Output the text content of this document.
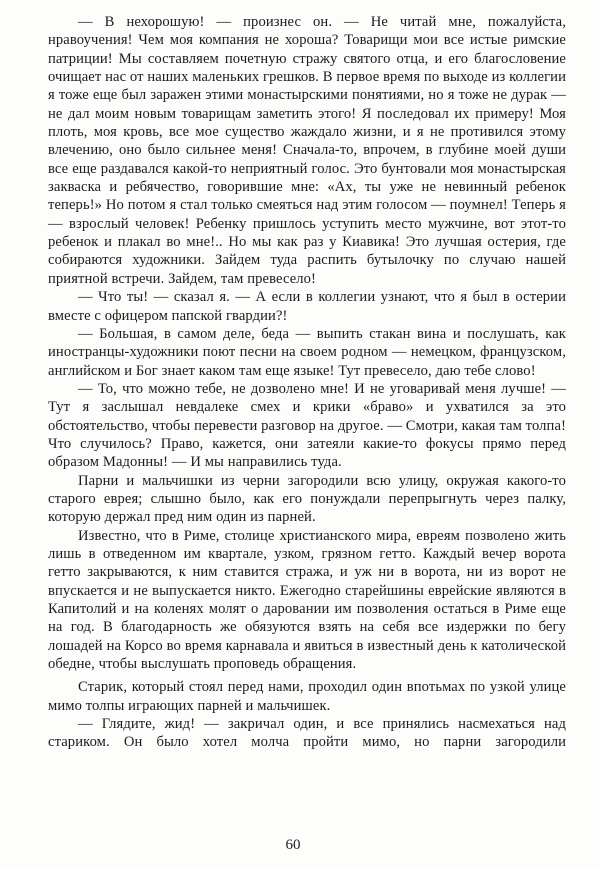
— В нехорошую! — произнес он. — Не читай мне, пожалуйста, нравоучения! Чем моя компания не хороша? Товарищи мои все истые римские патриции! Мы составляем почетную стражу святого отца, и его благословение очищает нас от наших маленьких грешков. В первое время по выходе из коллегии я тоже еще был заражен этими монастырскими понятиями, но я тоже не дурак — не дал моим новым товарищам заметить этого! Я последовал их примеру! Моя плоть, моя кровь, все мое существо жаждало жизни, и я не противился этому влечению, оно было сильнее меня! Сначала-то, впрочем, в глубине моей души все еще раздавался какой-то неприятный голос. Это бунтовали моя монастырская закваска и ребячество, говорившие мне: «Ах, ты уже не невинный ребенок теперь!» Но потом я стал только смеяться над этим голосом — поумнел! Теперь я — взрослый человек! Ребенку пришлось уступить место мужчине, вот этот-то ребенок и плакал во мне!.. Но мы как раз у Киавика! Это лучшая остерия, где собираются художники. Зайдем туда распить бутылочку по случаю нашей приятной встречи. Зайдем, там превесело!

— Что ты! — сказал я. — А если в коллегии узнают, что я был в остерии вместе с офицером папской гвардии?!

— Большая, в самом деле, беда — выпить стакан вина и послушать, как иностранцы-художники поют песни на своем родном — немецком, французском, английском и Бог знает каком там еще языке! Тут превесело, даю тебе слово!

— То, что можно тебе, не дозволено мне! И не уговаривай меня лучше! — Тут я заслышал невдалеке смех и крики «браво» и ухватился за это обстоятельство, чтобы перевести разговор на другое. — Смотри, какая там толпа! Что случилось? Право, кажется, они затеяли какие-то фокусы прямо перед образом Мадонны! — И мы направились туда.

Парни и мальчишки из черни загородили всю улицу, окружая какого-то старого еврея; слышно было, как его понуждали перепрыгнуть через палку, которую держал пред ним один из парней.

Известно, что в Риме, столице христианского мира, евреям позволено жить лишь в отведенном им квартале, узком, грязном гетто. Каждый вечер ворота гетто закрываются, к ним ставится стража, и уж ни в ворота, ни из ворот не впускается и не выпускается никто. Ежегодно старейшины еврейские являются в Капитолий и на коленях молят о даровании им позволения остаться в Риме еще на год. В благодарность же обязуются взять на себя все издержки по бегу лошадей на Корсо во время карнавала и явиться в известный день к католической обедне, чтобы выслушать проповедь обращения.

Старик, который стоял перед нами, проходил один впотьмах по узкой улице мимо толпы играющих парней и мальчишек.

— Глядите, жид! — закричал один, и все принялись насмехаться над стариком. Он было хотел молча пройти мимо, но парни загородили

60
